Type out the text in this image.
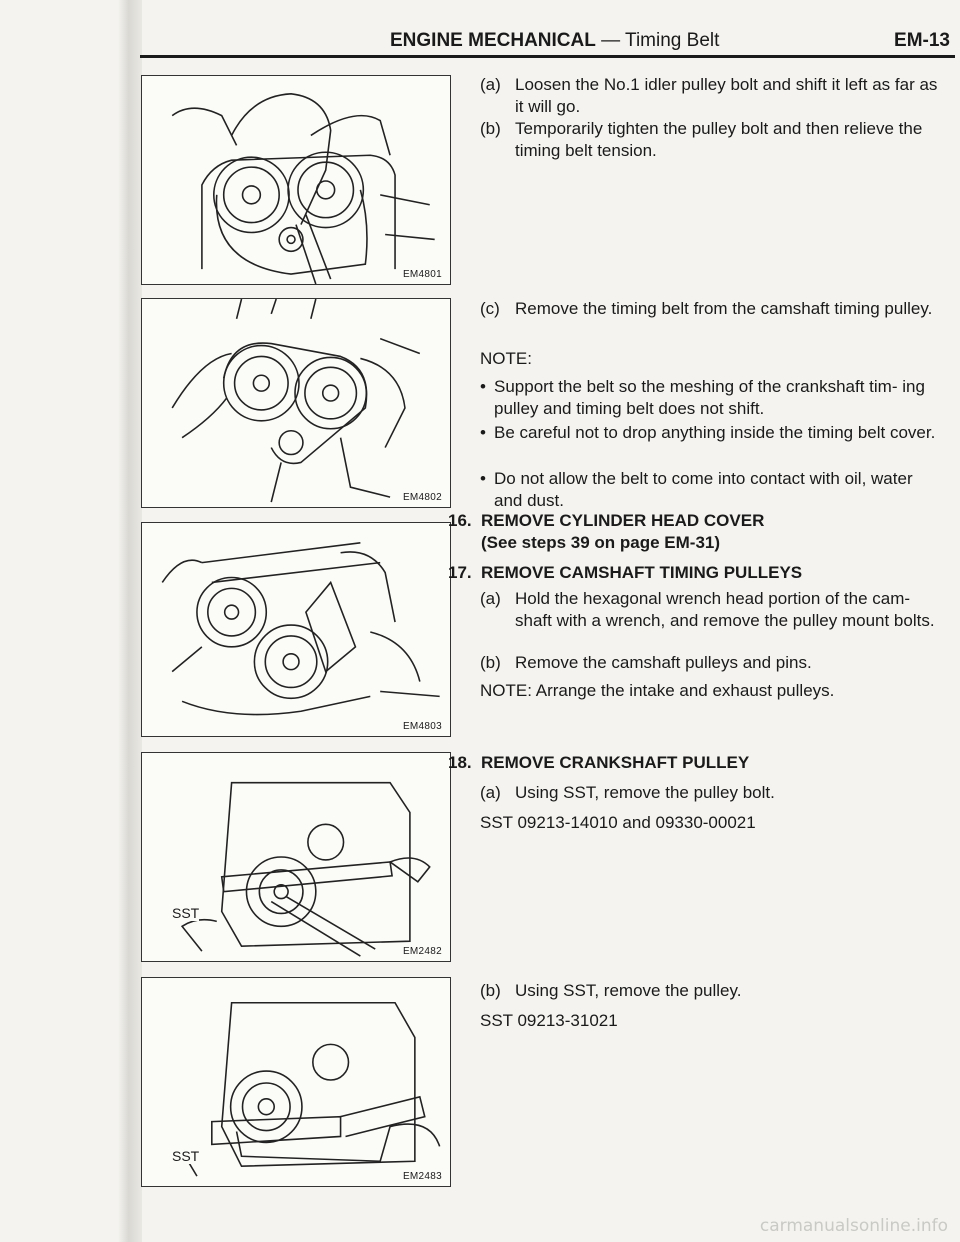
ENGINE MECHANICAL — Timing Belt	EM-13
EM4801
EM4802
EM4803
SST
EM2482
SST
EM2483
(a) Loosen the No.1 idler pulley bolt and shift it left as far as it will go.
(b) Temporarily tighten the pulley bolt and then relieve the timing belt tension.
(c) Remove the timing belt from the camshaft timing pulley.
NOTE:
• Support the belt so the meshing of the crankshaft tim- ing pulley and timing belt does not shift.
• Be careful not to drop anything inside the timing belt cover.
• Do not allow the belt to come into contact with oil, water and dust.
16. REMOVE CYLINDER HEAD COVER
(See steps 39 on page EM-31)
17. REMOVE CAMSHAFT TIMING PULLEYS
(a) Hold the hexagonal wrench head portion of the cam- shaft with a wrench, and remove the pulley mount bolts.
(b) Remove the camshaft pulleys and pins.
NOTE: Arrange the intake and exhaust pulleys.
18. REMOVE CRANKSHAFT PULLEY
(a) Using SST, remove the pulley bolt.
SST 09213-14010 and 09330-00021
(b) Using SST, remove the pulley.
SST 09213-31021
carmanualsonline.info
